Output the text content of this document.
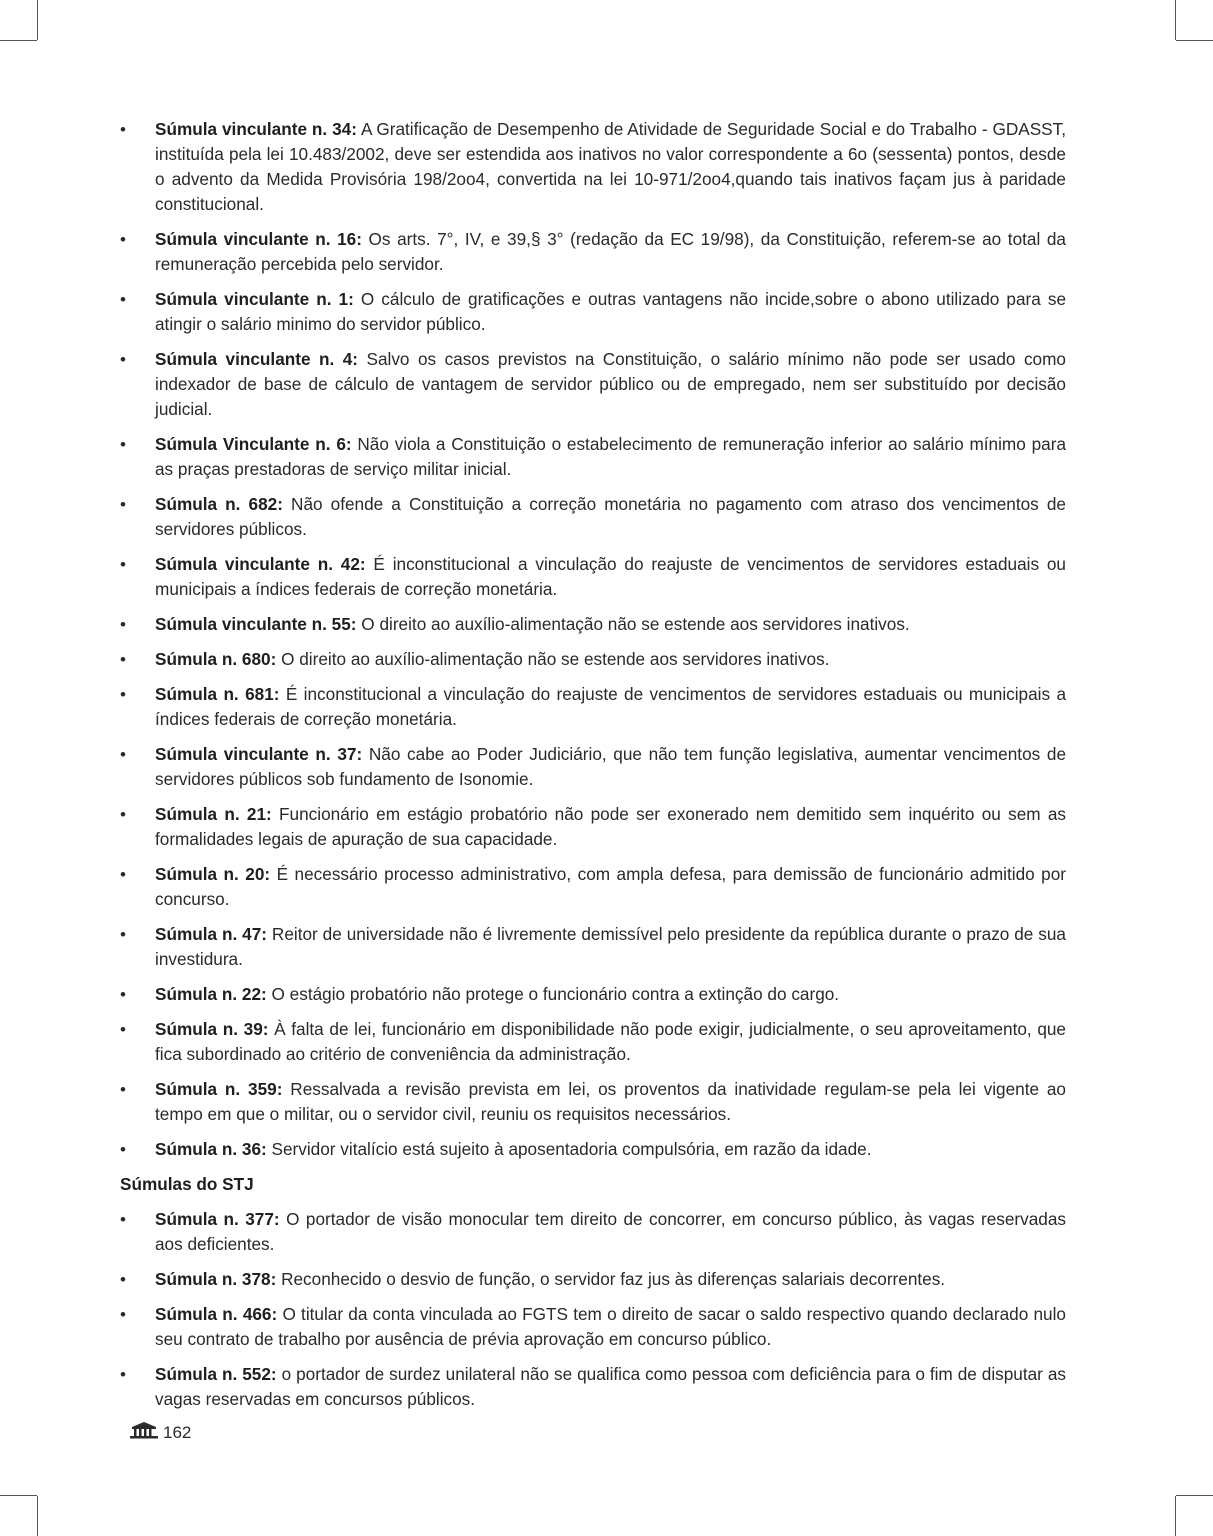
• Súmula vinculante n. 34: A Gratificação de Desempenho de Atividade de Seguridade Social e do Trabalho - GDASST, instituída pela lei 10.483/2002, deve ser estendida aos inativos no valor correspondente a 6o (sessenta) pontos, desde o advento da Medida Provisória 198/2oo4, convertida na lei 10-971/2oo4,quando tais inativos façam jus à paridade constitucional.
• Súmula vinculante n. 16: Os arts. 7°, IV, e 39,§ 3° (redação da EC 19/98), da Constituição, referem-se ao total da remuneração percebida pelo servidor.
• Súmula vinculante n. 1: O cálculo de gratificações e outras vantagens não incide,sobre o abono utilizado para se atingir o salário minimo do servidor público.
• Súmula vinculante n. 4: Salvo os casos previstos na Constituição, o salário mínimo não pode ser usado como indexador de base de cálculo de vantagem de servidor público ou de empregado, nem ser substituído por decisão judicial.
• Súmula Vinculante n. 6: Não viola a Constituição o estabelecimento de remuneração inferior ao salário mínimo para as praças prestadoras de serviço militar inicial.
• Súmula n. 682: Não ofende a Constituição a correção monetária no pagamento com atraso dos vencimentos de servidores públicos.
• Súmula vinculante n. 42: É inconstitucional a vinculação do reajuste de vencimentos de servidores estaduais ou municipais a índices federais de correção monetária.
• Súmula vinculante n. 55: O direito ao auxílio-alimentação não se estende aos servidores inativos.
• Súmula n. 680: O direito ao auxílio-alimentação não se estende aos servidores inativos.
• Súmula n. 681: É inconstitucional a vinculação do reajuste de vencimentos de servidores estaduais ou municipais a índices federais de correção monetária.
• Súmula vinculante n. 37: Não cabe ao Poder Judiciário, que não tem função legislativa, aumentar vencimentos de servidores públicos sob fundamento de Isonomie.
• Súmula n. 21: Funcionário em estágio probatório não pode ser exonerado nem demitido sem inquérito ou sem as formalidades legais de apuração de sua capacidade.
• Súmula n. 20: É necessário processo administrativo, com ampla defesa, para demissão de funcionário admitido por concurso.
• Súmula n. 47: Reitor de universidade não é livremente demissível pelo presidente da república durante o prazo de sua investidura.
• Súmula n. 22: O estágio probatório não protege o funcionário contra a extinção do cargo.
• Súmula n. 39: À falta de lei, funcionário em disponibilidade não pode exigir, judicialmente, o seu aproveitamento, que fica subordinado ao critério de conveniência da administração.
• Súmula n. 359: Ressalvada a revisão prevista em lei, os proventos da inatividade regulam-se pela lei vigente ao tempo em que o militar, ou o servidor civil, reuniu os requisitos necessários.
• Súmula n. 36: Servidor vitalício está sujeito à aposentadoria compulsória, em razão da idade.
Súmulas do STJ
• Súmula n. 377: O portador de visão monocular tem direito de concorrer, em concurso público, às vagas reservadas aos deficientes.
• Súmula n. 378: Reconhecido o desvio de função, o servidor faz jus às diferenças salariais decorrentes.
• Súmula n. 466: O titular da conta vinculada ao FGTS tem o direito de sacar o saldo respectivo quando declarado nulo seu contrato de trabalho por ausência de prévia aprovação em concurso público.
• Súmula n. 552: o portador de surdez unilateral não se qualifica como pessoa com deficiência para o fim de disputar as vagas reservadas em concursos públicos.
162
